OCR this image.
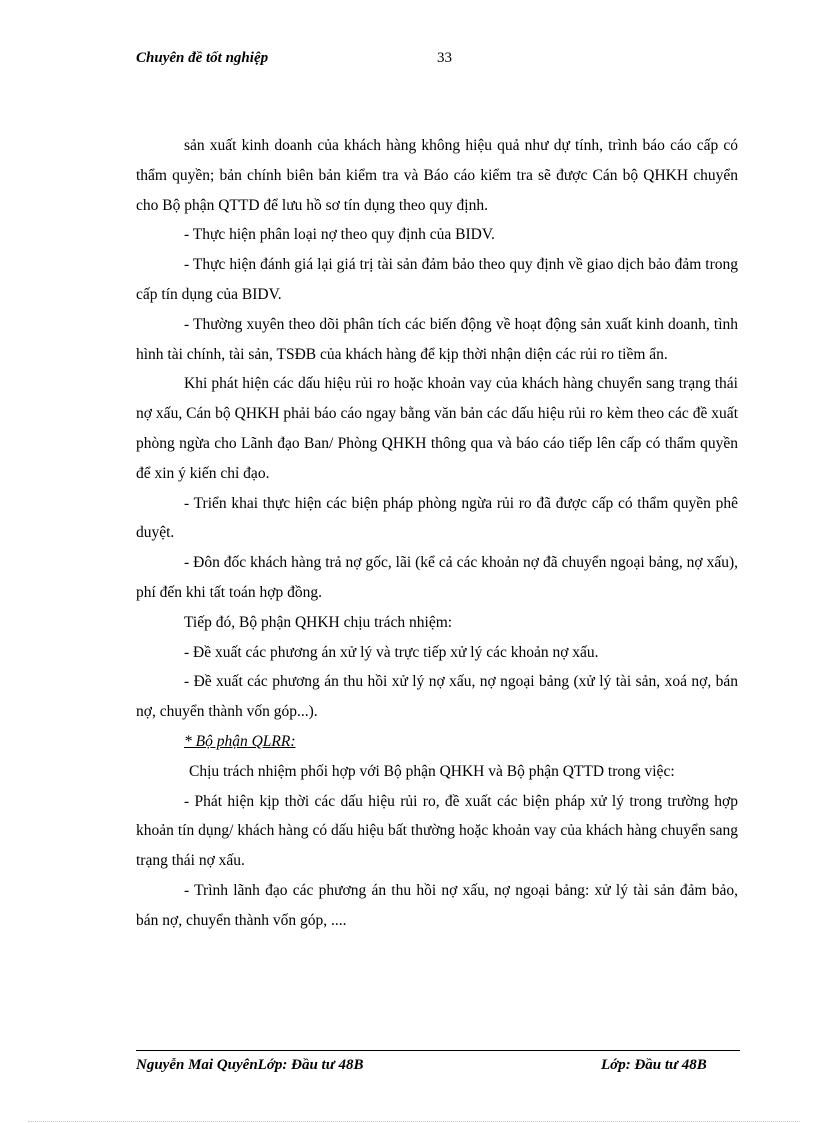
Chuyên đề tốt nghiệp	33

sản xuất kinh doanh của khách hàng không hiệu quả như dự tính, trình báo cáo cấp có thẩm quyền; bản chính biên bản kiểm tra và Báo cáo kiểm tra sẽ được Cán bộ QHKH chuyển cho Bộ phận QTTD để lưu hồ sơ tín dụng theo quy định.

- Thực hiện phân loại nợ theo quy định của BIDV.

- Thực hiện đánh giá lại giá trị tài sản đảm bảo theo quy định về giao dịch bảo đảm trong cấp tín dụng của BIDV.

- Thường xuyên theo dõi phân tích các biến động về hoạt động sản xuất kinh doanh, tình hình tài chính, tài sản, TSĐB của khách hàng để kịp thời nhận diện các rủi ro tiềm ẩn.

Khi phát hiện các dấu hiệu rủi ro hoặc khoản vay của khách hàng chuyển sang trạng thái nợ xấu, Cán bộ QHKH phải báo cáo ngay bằng văn bản các dấu hiệu rủi ro kèm theo các đề xuất phòng ngừa cho Lãnh đạo Ban/ Phòng QHKH thông qua và báo cáo tiếp lên cấp có thẩm quyền để xin ý kiến chỉ đạo.

- Triển khai thực hiện các biện pháp phòng ngừa rủi ro đã được cấp có thẩm quyền phê duyệt.

- Đôn đốc khách hàng trả nợ gốc, lãi (kể cả các khoản nợ đã chuyển ngoại bảng, nợ xấu), phí đến khi tất toán hợp đồng.

Tiếp đó, Bộ phận QHKH chịu trách nhiệm:

- Đề xuất các phương án xử lý và trực tiếp xử lý các khoản nợ xấu.

- Đề xuất các phương án thu hồi xử lý nợ xấu, nợ ngoại bảng (xử lý tài sản, xoá nợ, bán nợ, chuyển thành vốn góp...).

* Bộ phận QLRR:

Chịu trách nhiệm phối hợp với Bộ phận QHKH và Bộ phận QTTD trong việc:

- Phát hiện kịp thời các dấu hiệu rủi ro, đề xuất các biện pháp xử lý trong trường hợp khoản tín dụng/ khách hàng có dấu hiệu bất thường hoặc khoản vay của khách hàng chuyển sang trạng thái nợ xấu.

- Trình lãnh đạo các phương án thu hồi nợ xấu, nợ ngoại bảng: xử lý tài sản đảm bảo, bán nợ, chuyển thành vốn góp, ....

Nguyễn Mai QuyênLớp: Đầu tư 48B	Lớp: Đầu tư 48B
